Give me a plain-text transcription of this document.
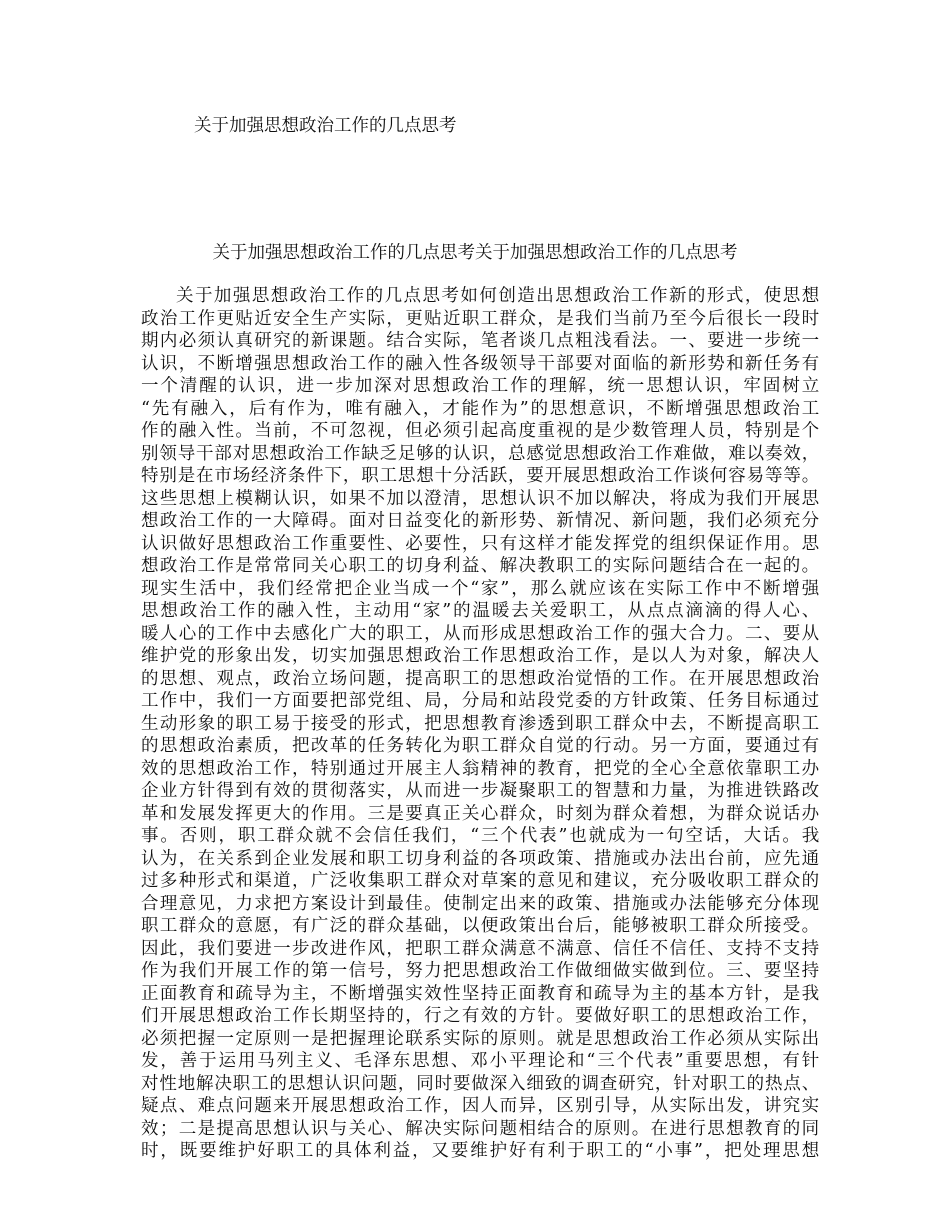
关于加强思想政治工作的几点思考
关于加强思想政治工作的几点思考关于加强思想政治工作的几点思考
关于加强思想政治工作的几点思考如何创造出思想政治工作新的形式，使思想
政治工作更贴近安全生产实际，更贴近职工群众，是我们当前乃至今后很长一段时
期内必须认真研究的新课题。结合实际，笔者谈几点粗浅看法。一、要进一步统一
认识，不断增强思想政治工作的融入性各级领导干部要对面临的新形势和新任务有
一个清醒的认识，进一步加深对思想政治工作的理解，统一思想认识，牢固树立
“先有融入，后有作为，唯有融入，才能作为”的思想意识，不断增强思想政治工
作的融入性。当前，不可忽视，但必须引起高度重视的是少数管理人员，特别是个
别领导干部对思想政治工作缺乏足够的认识，总感觉思想政治工作难做，难以奏效，
特别是在市场经济条件下，职工思想十分活跃，要开展思想政治工作谈何容易等等。
这些思想上模糊认识，如果不加以澄清，思想认识不加以解决，将成为我们开展思
想政治工作的一大障碍。面对日益变化的新形势、新情况、新问题，我们必须充分
认识做好思想政治工作重要性、必要性，只有这样才能发挥党的组织保证作用。思
想政治工作是常常同关心职工的切身利益、解决教职工的实际问题结合在一起的。
现实生活中，我们经常把企业当成一个“家”，那么就应该在实际工作中不断增强
思想政治工作的融入性，主动用“家”的温暖去关爱职工，从点点滴滴的得人心、
暖人心的工作中去感化广大的职工，从而形成思想政治工作的强大合力。二、要从
维护党的形象出发，切实加强思想政治工作思想政治工作，是以人为对象，解决人
的思想、观点，政治立场问题，提高职工的思想政治觉悟的工作。在开展思想政治
工作中，我们一方面要把部党组、局，分局和站段党委的方针政策、任务目标通过
生动形象的职工易于接受的形式，把思想教育渗透到职工群众中去，不断提高职工
的思想政治素质，把改革的任务转化为职工群众自觉的行动。另一方面，要通过有
效的思想政治工作，特别通过开展主人翁精神的教育，把党的全心全意依靠职工办
企业方针得到有效的贯彻落实，从而进一步凝聚职工的智慧和力量，为推进铁路改
革和发展发挥更大的作用。三是要真正关心群众，时刻为群众着想，为群众说话办
事。否则，职工群众就不会信任我们，“三个代表”也就成为一句空话，大话。我
认为，在关系到企业发展和职工切身利益的各项政策、措施或办法出台前，应先通
过多种形式和渠道，广泛收集职工群众对草案的意见和建议，充分吸收职工群众的
合理意见，力求把方案设计到最佳。使制定出来的政策、措施或办法能够充分体现
职工群众的意愿，有广泛的群众基础，以便政策出台后，能够被职工群众所接受。
因此，我们要进一步改进作风，把职工群众满意不满意、信任不信任、支持不支持
作为我们开展工作的第一信号，努力把思想政治工作做细做实做到位。三、要坚持
正面教育和疏导为主，不断增强实效性坚持正面教育和疏导为主的基本方针，是我
们开展思想政治工作长期坚持的，行之有效的方针。要做好职工的思想政治工作，
必须把握一定原则一是把握理论联系实际的原则。就是思想政治工作必须从实际出
发，善于运用马列主义、毛泽东思想、邓小平理论和“三个代表”重要思想，有针
对性地解决职工的思想认识问题，同时要做深入细致的调查研究，针对职工的热点、
疑点、难点问题来开展思想政治工作，因人而异，区别引导，从实际出发，讲究实
效；二是提高思想认识与关心、解决实际问题相结合的原则。在进行思想教育的同
时，既要维护好职工的具体利益，又要维护好有利于职工的“小事”，把处理思想
